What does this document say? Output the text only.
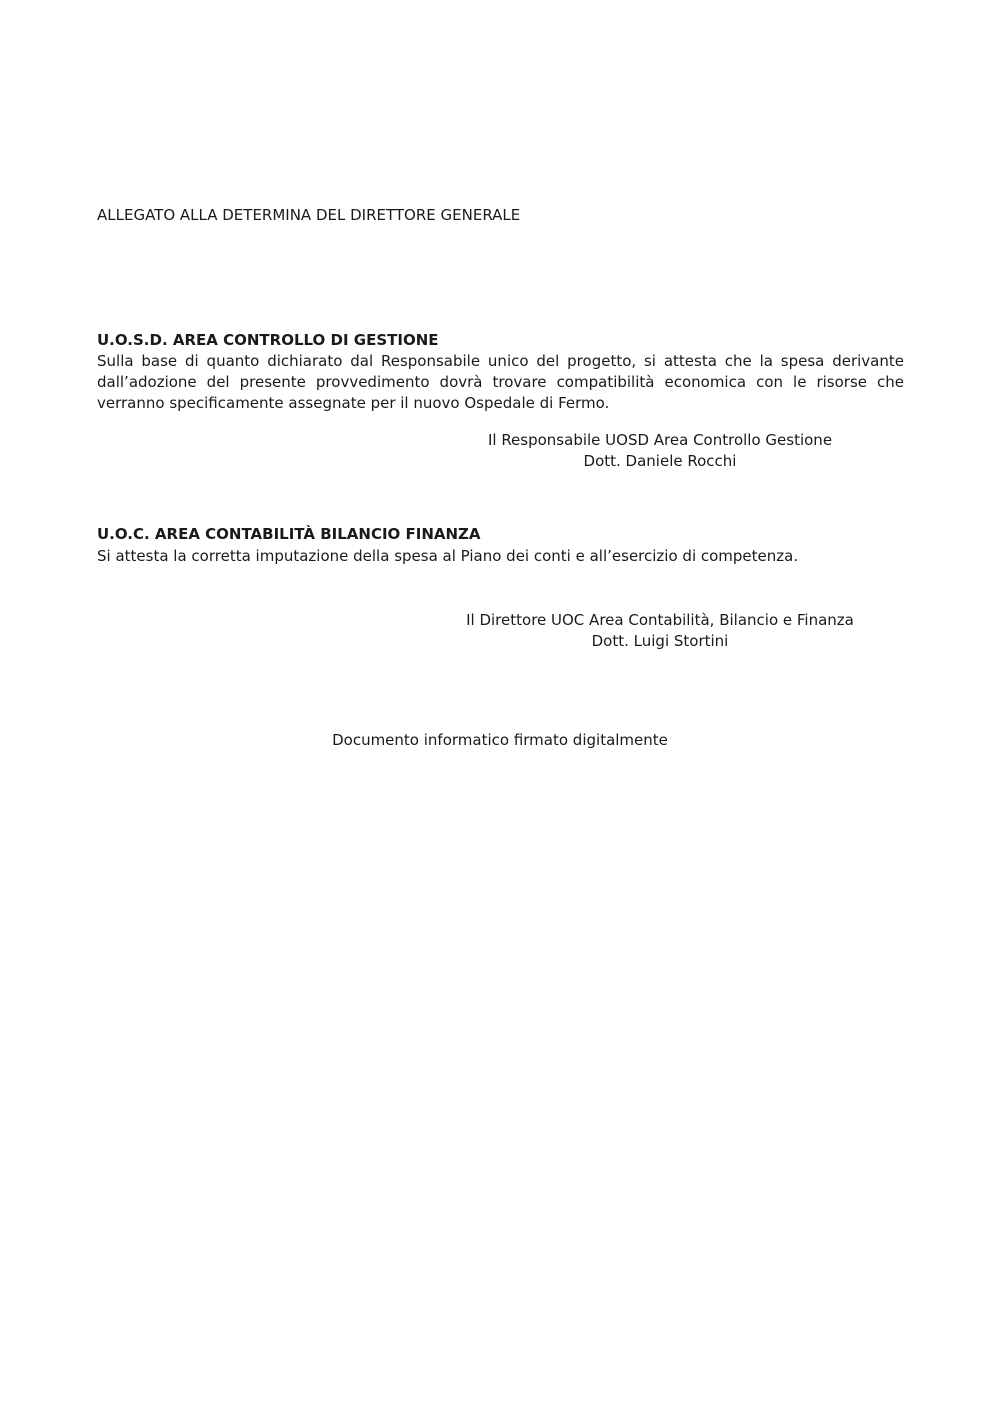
ALLEGATO ALLA DETERMINA DEL DIRETTORE GENERALE
U.O.S.D. AREA CONTROLLO DI GESTIONE
Sulla base di quanto dichiarato dal Responsabile unico del progetto, si attesta che la spesa derivante dall’adozione del presente provvedimento dovrà trovare compatibilità economica con le risorse che verranno specificamente assegnate per il nuovo Ospedale di Fermo.
Il Responsabile UOSD Area Controllo Gestione
Dott. Daniele Rocchi
U.O.C. AREA CONTABILITÀ BILANCIO FINANZA
Si attesta la corretta imputazione della spesa al Piano dei conti e all’esercizio di competenza.
Il Direttore UOC Area Contabilità, Bilancio e Finanza
Dott. Luigi Stortini
Documento informatico firmato digitalmente
